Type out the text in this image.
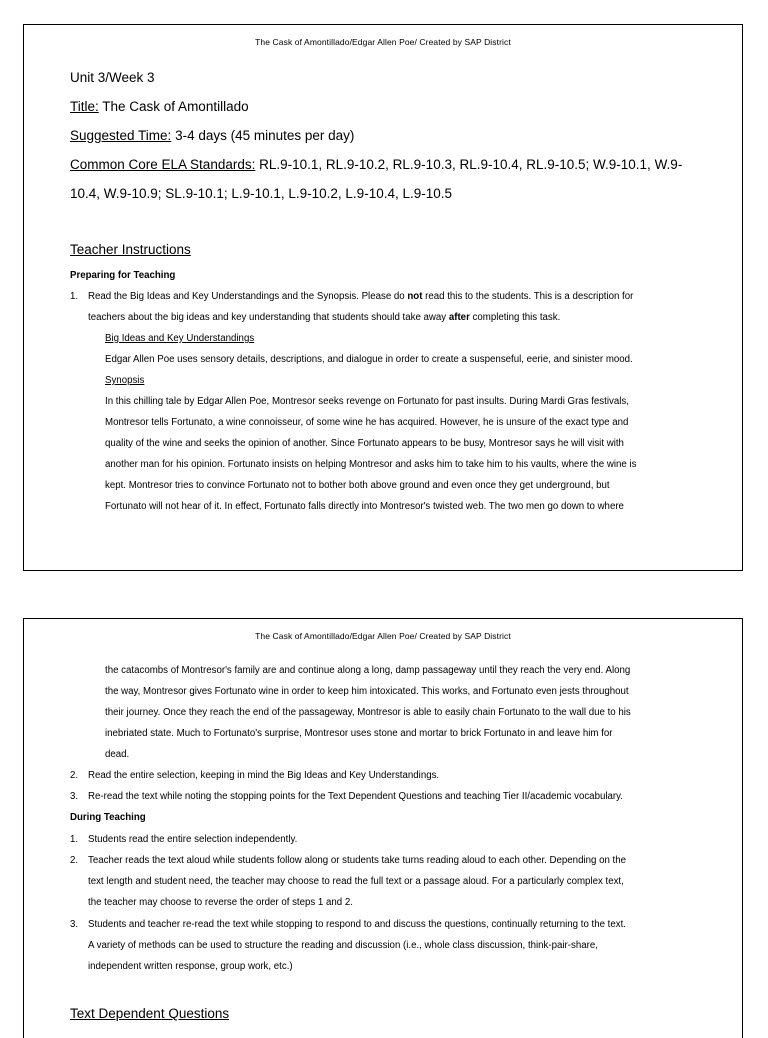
The Cask of Amontillado/Edgar Allen Poe/ Created by SAP District
Unit 3/Week 3
Title: The Cask of Amontillado
Suggested Time: 3-4 days (45 minutes per day)
Common Core ELA Standards: RL.9-10.1, RL.9-10.2, RL.9-10.3, RL.9-10.4, RL.9-10.5; W.9-10.1, W.9-
10.4, W.9-10.9; SL.9-10.1; L.9-10.1, L.9-10.2, L.9-10.4, L.9-10.5
Teacher Instructions
Preparing for Teaching
1. Read the Big Ideas and Key Understandings and the Synopsis. Please do not read this to the students. This is a description for
teachers about the big ideas and key understanding that students should take away after completing this task.
Big Ideas and Key Understandings
Edgar Allen Poe uses sensory details, descriptions, and dialogue in order to create a suspenseful, eerie, and sinister mood.
Synopsis
In this chilling tale by Edgar Allen Poe, Montresor seeks revenge on Fortunato for past insults. During Mardi Gras festivals,
Montresor tells Fortunato, a wine connoisseur, of some wine he has acquired. However, he is unsure of the exact type and
quality of the wine and seeks the opinion of another. Since Fortunato appears to be busy, Montresor says he will visit with
another man for his opinion. Fortunato insists on helping Montresor and asks him to take him to his vaults, where the wine is
kept. Montresor tries to convince Fortunato not to bother both above ground and even once they get underground, but
Fortunato will not hear of it. In effect, Fortunato falls directly into Montresor's twisted web. The two men go down to where
The Cask of Amontillado/Edgar Allen Poe/ Created by SAP District
the catacombs of Montresor's family are and continue along a long, damp passageway until they reach the very end. Along
the way, Montresor gives Fortunato wine in order to keep him intoxicated. This works, and Fortunato even jests throughout
their journey. Once they reach the end of the passageway, Montresor is able to easily chain Fortunato to the wall due to his
inebriated state. Much to Fortunato's surprise, Montresor uses stone and mortar to brick Fortunato in and leave him for
dead.
2. Read the entire selection, keeping in mind the Big Ideas and Key Understandings.
3. Re-read the text while noting the stopping points for the Text Dependent Questions and teaching Tier II/academic vocabulary.
During Teaching
1. Students read the entire selection independently.
2. Teacher reads the text aloud while students follow along or students take turns reading aloud to each other. Depending on the
text length and student need, the teacher may choose to read the full text or a passage aloud. For a particularly complex text,
the teacher may choose to reverse the order of steps 1 and 2.
3. Students and teacher re-read the text while stopping to respond to and discuss the questions, continually returning to the text.
A variety of methods can be used to structure the reading and discussion (i.e., whole class discussion, think-pair-share,
independent written response, group work, etc.)
Text Dependent Questions
